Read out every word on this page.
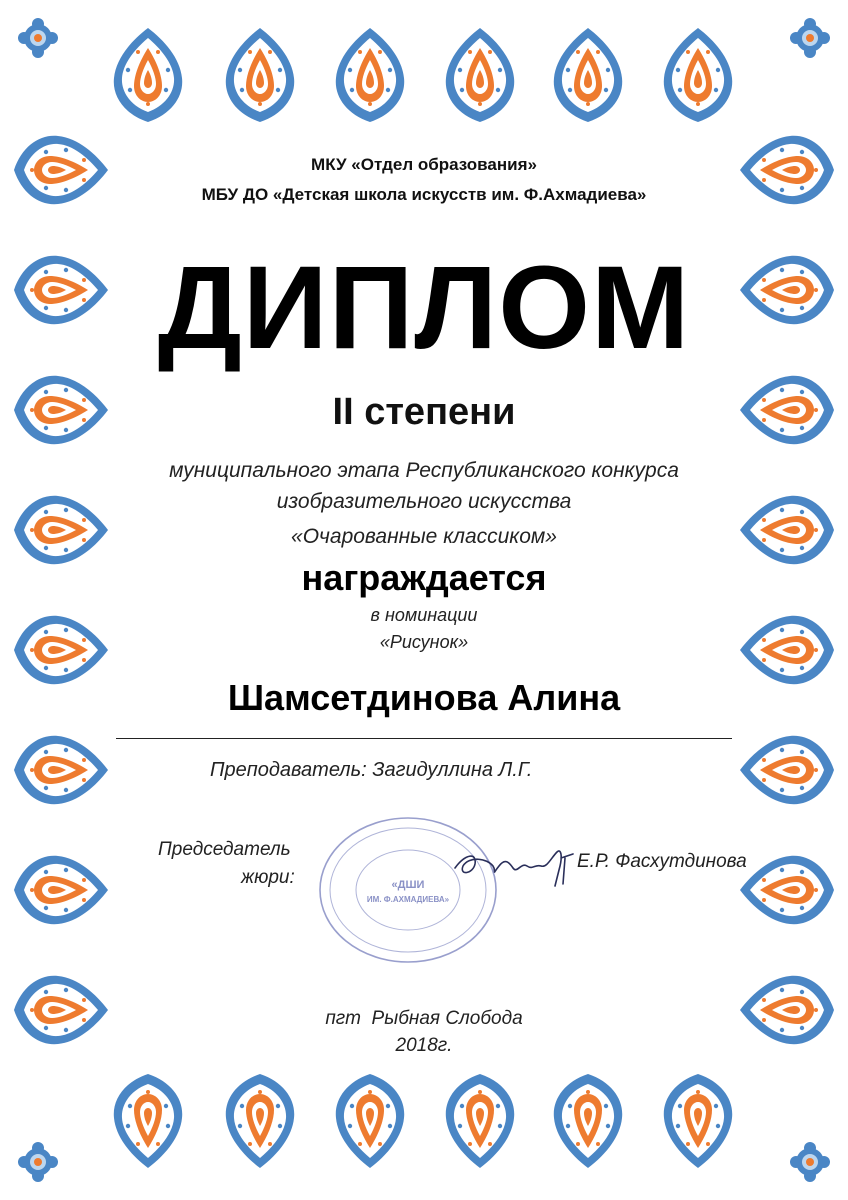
МКУ «Отдел образования»
МБУ ДО «Детская школа искусств им. Ф.Ахмадиева»
ДИПЛОМ
II степени
муниципального этапа Республиканского конкурса
изобразительного искусства
«Очарованные классиком»
награждается
в номинации
«Рисунок»
Шамсетдинова Алина
Преподаватель: Загидуллина Л.Г.
«ДШИ
ИМ. Ф.АХМАДИЕВА»
Председатель
жюри:
Е.Р. Фасхутдинова
пгт  Рыбная Слобода
2018г.
